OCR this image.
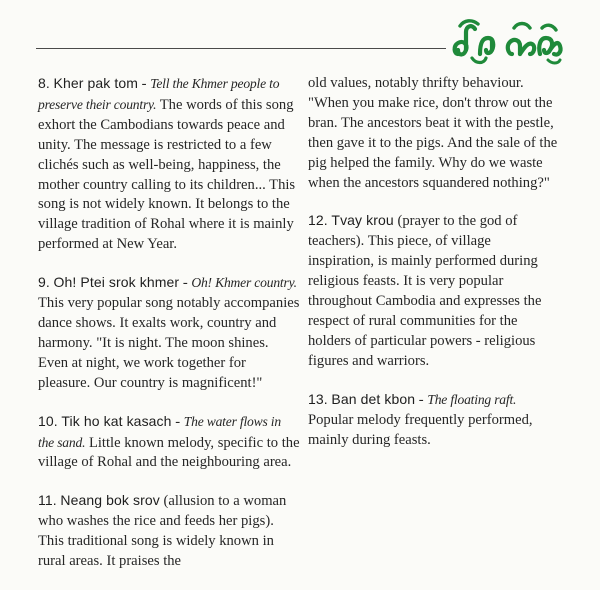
8. Kher pak tom - Tell the Khmer people to preserve their country. The words of this song exhort the Cambodians towards peace and unity. The message is restricted to a few clichés such as well-being, happiness, the mother country calling to its children... This song is not widely known. It belongs to the village tradition of Rohal where it is mainly performed at New Year.

9. Oh! Ptei srok khmer - Oh! Khmer country. This very popular song notably accompanies dance shows. It exalts work, country and harmony. "It is night. The moon shines. Even at night, we work together for pleasure. Our country is magnificent!"

10. Tik ho kat kasach - The water flows in the sand. Little known melody, specific to the village of Rohal and the neighbouring area.

11. Neang bok srov (allusion to a woman who washes the rice and feeds her pigs). This traditional song is widely known in rural areas. It praises the

old values, notably thrifty behaviour. "When you make rice, don't throw out the bran. The ancestors beat it with the pestle, then gave it to the pigs. And the sale of the pig helped the family. Why do we waste when the ancestors squandered nothing?"

12. Tvay krou (prayer to the god of teachers). This piece, of village inspiration, is mainly performed during religious feasts. It is very popular throughout Cambodia and expresses the respect of rural communities for the holders of particular powers - religious figures and warriors.

13. Ban det kbon - The floating raft. Popular melody frequently performed, mainly during feasts.
